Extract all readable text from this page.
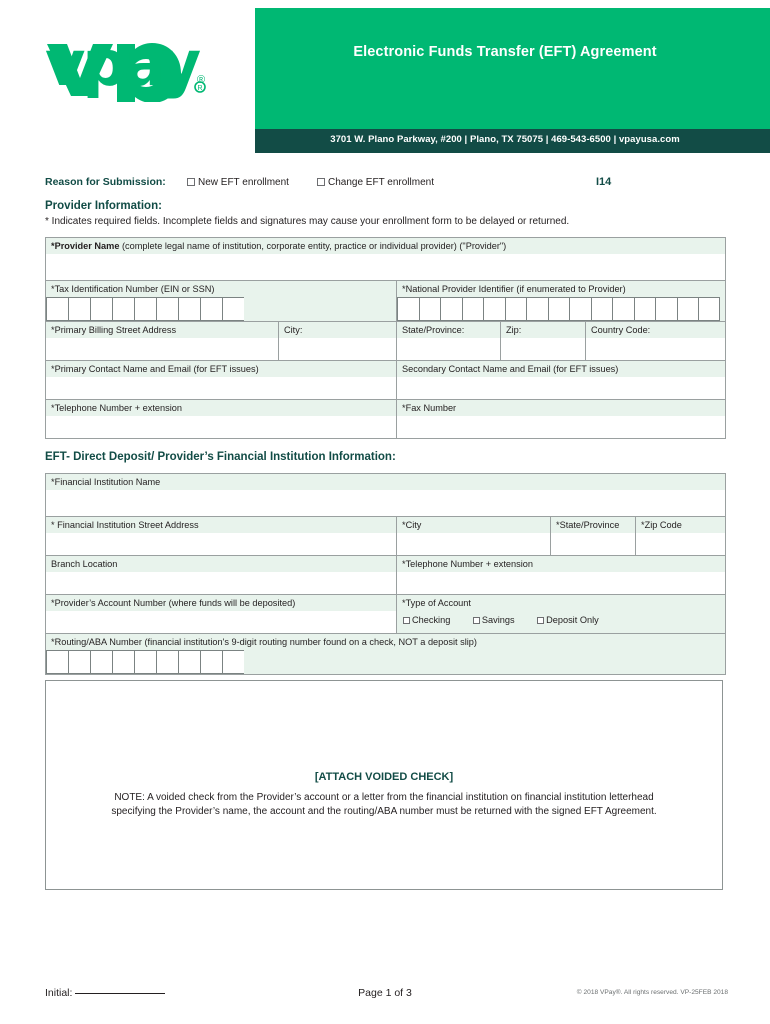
Electronic Funds Transfer (EFT) Agreement
3701 W. Plano Parkway, #200 | Plano, TX 75075 | 469-543-6500 | vpayusa.com
R
vpay
®
Reason for Submission:	New EFT enrollment	Change EFT enrollment	I14
Provider Information:
* Indicates required fields. Incomplete fields and signatures may cause your enrollment form to be delayed or returned.
*Provider Name (complete legal name of institution, corporate entity, practice or individual provider) ("Provider")				

*Tax Identification Number (EIN or SSN)		*National Provider Identifier (if enumerated to Provider)		

*Primary Billing Street Address	City:	State/Province:	Zip:	Country Code:

*Primary Contact Name and Email (for EFT issues)		Secondary Contact Name and Email (for EFT issues)		

*Telephone Number + extension		*Fax Number		
EFT- Direct Deposit/ Provider’s Financial Institution Information:
*Financial Institution Name			

* Financial Institution Street Address	*City	*State/Province	*Zip Code

Branch Location	*Telephone Number + extension		

*Provider’s Account Number (where funds will be deposited)	*Type of Account
Checking Savings Deposit Only		

*Routing/ABA Number (financial institution's 9-digit routing number found on a check, NOT a deposit slip)			
[ATTACH VOIDED CHECK]
NOTE: A voided check from the Provider’s account or a letter from the financial institution on financial institution letterhead specifying the Provider’s name, the account and the routing/ABA number must be returned with the signed EFT Agreement.
Initial:	Page 1 of 3	© 2018 VPay®. All rights reserved. VP-25FEB 2018
